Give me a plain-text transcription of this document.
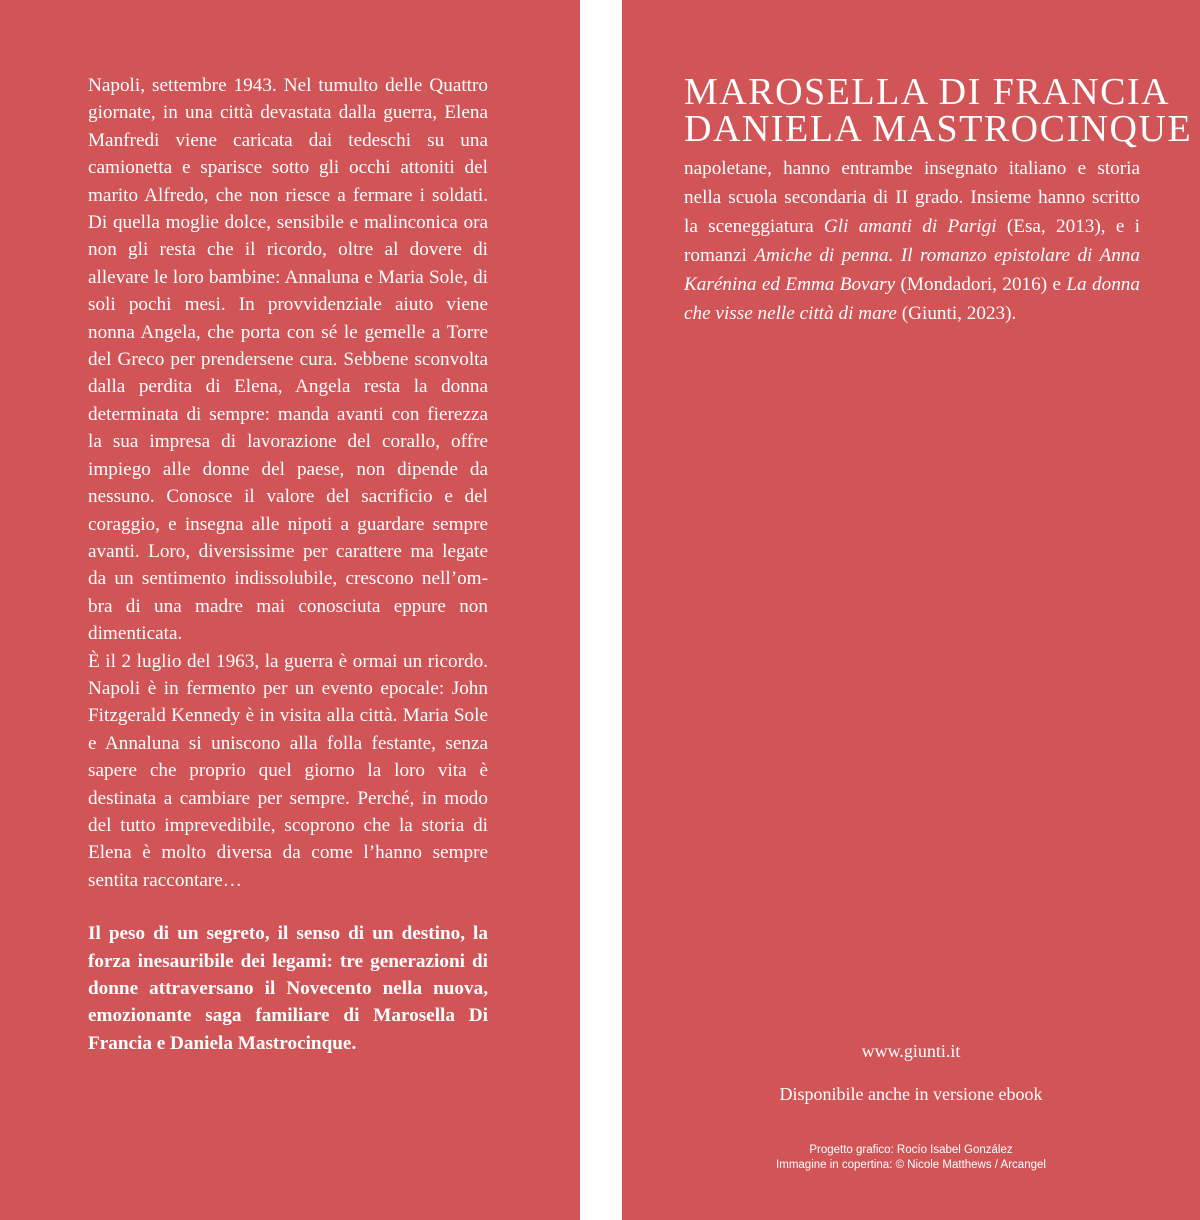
Napoli, settembre 1943. Nel tumulto delle Quattro giornate, in una città devastata dalla guerra, Elena Manfredi viene caricata dai tedeschi su una camionetta e sparisce sotto gli occhi attoniti del marito Alfredo, che non riesce a fermare i soldati. Di quella moglie dolce, sensibile e malinconica ora non gli resta che il ricordo, oltre al dovere di allevare le loro bambine: Annaluna e Maria Sole, di soli pochi mesi. In provvidenziale aiuto viene nonna Angela, che porta con sé le gemelle a Torre del Greco per prendersene cura. Sebbene sconvolta dalla perdita di Elena, Angela resta la donna determinata di sempre: manda avanti con fierezza la sua impresa di lavorazione del corallo, offre impiego alle donne del paese, non dipende da nessuno. Conosce il valore del sacrificio e del coraggio, e insegna alle nipoti a guardare sempre avanti. Loro, diversissime per carattere ma legate da un sentimento indissolubile, crescono nell’ombra di una madre mai conosciuta eppure non dimenticata.

È il 2 luglio del 1963, la guerra è ormai un ricordo. Napoli è in fermento per un evento epocale: John Fitzgerald Kennedy è in visita alla città. Maria Sole e Annaluna si uniscono alla folla festante, senza sapere che proprio quel giorno la loro vita è destinata a cambiare per sempre. Perché, in modo del tutto imprevedibile, scoprono che la storia di Elena è molto diversa da come l’hanno sempre sentita raccontare…

Il peso di un segreto, il senso di un destino, la forza inesauribile dei legami: tre generazioni di donne attraversano il Novecento nella nuova, emozionante saga familiare di Marosella Di Francia e Daniela Mastrocinque.

MAROSELLA DI FRANCIA
DANIELA MASTROCINQUE

napoletane, hanno entrambe insegnato italiano e storia nella scuola secondaria di II grado. Insieme hanno scritto la sceneggiatura Gli amanti di Parigi (Esa, 2013), e i romanzi Amiche di penna. Il romanzo epistolare di Anna Karénina ed Emma Bovary (Mondadori, 2016) e La donna che visse nelle città di mare (Giunti, 2023).

www.giunti.it
Disponibile anche in versione ebook
Progetto grafico: Rocío Isabel González
Immagine in copertina: © Nicole Matthews / Arcangel
